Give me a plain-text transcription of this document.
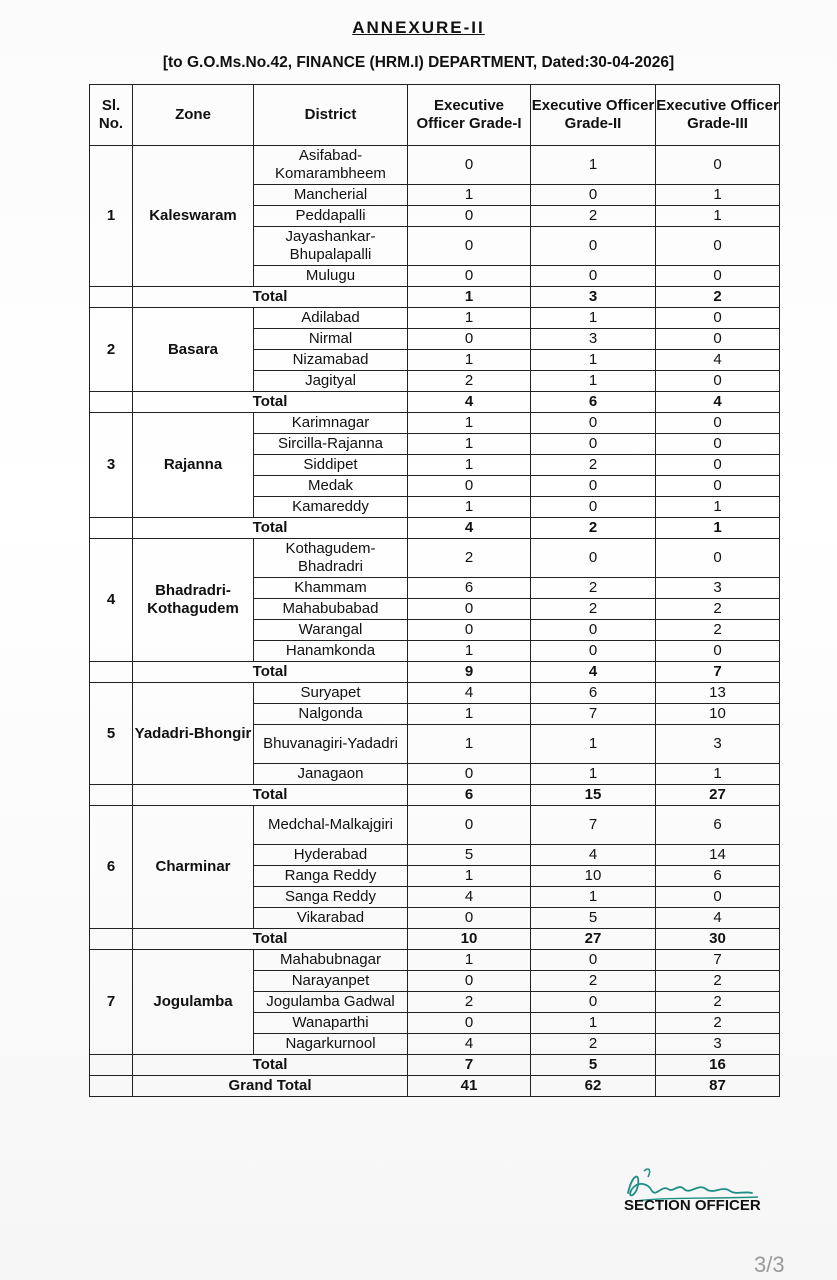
ANNEXURE-II
[to G.O.Ms.No.42, FINANCE (HRM.I) DEPARTMENT, Dated:30-04-2026]
Sl. No.	Zone	District	Executive Officer Grade-I	Executive Officer Grade-II	Executive Officer Grade-III
1	Kaleswaram	Asifabad-Komarambheem	0	1	0
		Mancherial	1	0	1
		Peddapalli	0	2	1
		Jayashankar-Bhupalapalli	0	0	0
		Mulugu	0	0	0
	Total		1	3	2
2	Basara	Adilabad	1	1	0
		Nirmal	0	3	0
		Nizamabad	1	1	4
		Jagityal	2	1	0
	Total		4	6	4
3	Rajanna	Karimnagar	1	0	0
		Sircilla-Rajanna	1	0	0
		Siddipet	1	2	0
		Medak	0	0	0
		Kamareddy	1	0	1
	Total		4	2	1
4	Bhadradri-Kothagudem	Kothagudem-Bhadradri	2	0	0
		Khammam	6	2	3
		Mahabubabad	0	2	2
		Warangal	0	0	2
		Hanamkonda	1	0	0
	Total		9	4	7
5	Yadadri-Bhongir	Suryapet	4	6	13
		Nalgonda	1	7	10
		Bhuvanagiri-Yadadri	1	1	3
		Janagaon	0	1	1
	Total		6	15	27
6	Charminar	Medchal-Malkajgiri	0	7	6
		Hyderabad	5	4	14
		Ranga Reddy	1	10	6
		Sanga Reddy	4	1	0
		Vikarabad	0	5	4
	Total		10	27	30
7	Jogulamba	Mahabubnagar	1	0	7
		Narayanpet	0	2	2
		Jogulamba Gadwal	2	0	2
		Wanaparthi	0	1	2
		Nagarkurnool	4	2	3
	Total		7	5	16
	Grand Total		41	62	87
SECTION OFFICER
3/3
